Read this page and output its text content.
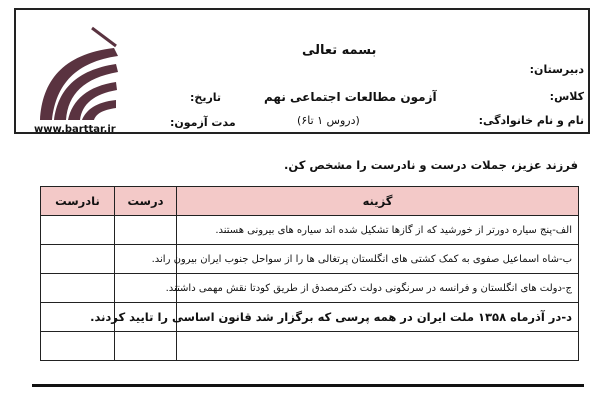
www.barttar.ir
بسمه تعالی
آزمون مطالعات اجتماعی نهم
(دروس ۱ تا۶)
دبیرستان:
کلاس:
نام و نام خانوادگی:
تاریخ:
مدت آزمون:
فرزند عزیز، جملات درست و نادرست را مشخص کن.
گزینه	درست	نادرست
الف-پنج سیاره دورتر از خورشید که از گازها تشکیل شده اند سیاره های بیرونی هستند.		
ب-شاه اسماعیل صفوی به کمک کشتی های انگلستان پرتغالی ها را از سواحل جنوب ایران بیرون راند.		
ج-دولت های انگلستان و فرانسه در سرنگونی دولت دکترمصدق از طریق کودتا نقش مهمی داشتند.		
د-در آذرماه ۱۳۵۸ ملت ایران در همه پرسی که برگزار شد قانون اساسی را تایید کردند.		
